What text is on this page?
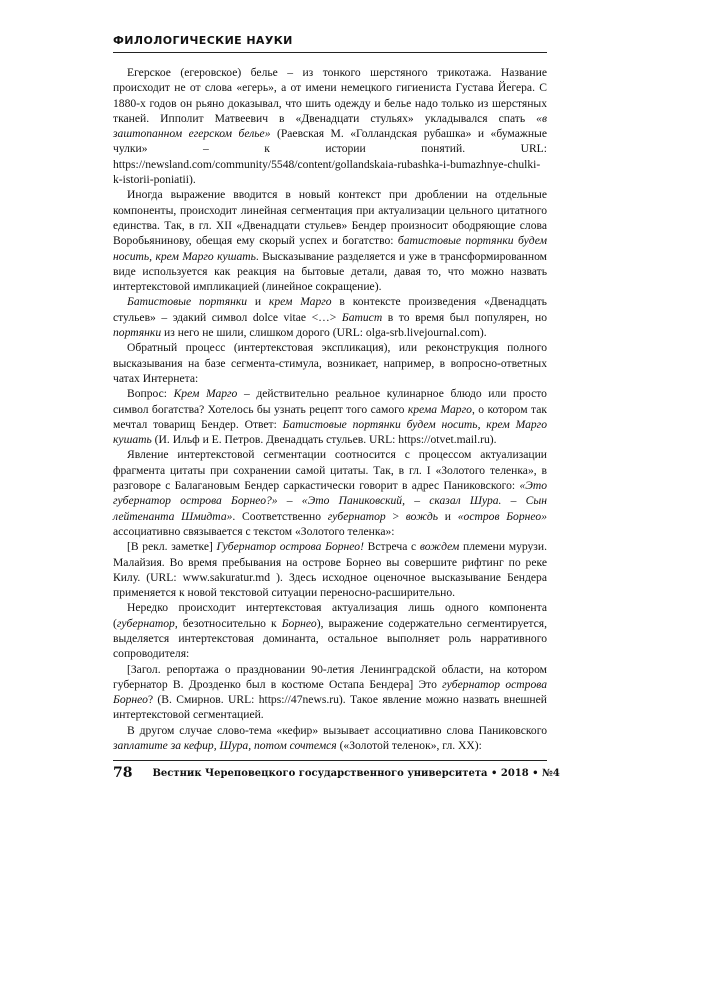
ФИЛОЛОГИЧЕСКИЕ НАУКИ

Егерское (егеровское) белье – из тонкого шерстяного трикотажа. Название происходит не от слова «егерь», а от имени немецкого гигиениста Густава Йегера. С 1880-х годов он рьяно доказывал, что шить одежду и белье надо только из шерстяных тканей. Ипполит Матвеевич в «Двенадцати стульях» укладывался спать «в заштопанном егерском белье» (Раевская М. «Голландская рубашка» и «бумажные чулки» – к истории понятий. URL: https://newsland.com/community/5548/content/gollandskaia-rubashka-i-bumazhnye-chulki-k-istorii-poniatii).

Иногда выражение вводится в новый контекст при дроблении на отдельные компоненты, происходит линейная сегментация при актуализации цельного цитатного единства. Так, в гл. XII «Двенадцати стульев» Бендер произносит ободряющие слова Воробьянинову, обещая ему скорый успех и богатство: батистовые портянки будем носить, крем Марго кушать. Высказывание разделяется и уже в трансформированном виде используется как реакция на бытовые детали, давая то, что можно назвать интертекстовой импликацией (линейное сокращение).

Батистовые портянки и крем Марго в контексте произведения «Двенадцать стульев» – эдакий символ dolce vitae <…> Батист в то время был популярен, но портянки из него не шили, слишком дорого (URL: olga-srb.livejournal.com).

Обратный процесс (интертекстовая экспликация), или реконструкция полного высказывания на базе сегмента-стимула, возникает, например, в вопросно-ответных чатах Интернета:

Вопрос: Крем Марго – действительно реальное кулинарное блюдо или просто символ богатства? Хотелось бы узнать рецепт того самого крема Марго, о котором так мечтал товарищ Бендер. Ответ: Батистовые портянки будем носить, крем Марго кушать (И. Ильф и Е. Петров. Двенадцать стульев. URL: https://otvet.mail.ru).

Явление интертекстовой сегментации соотносится с процессом актуализации фрагмента цитаты при сохранении самой цитаты. Так, в гл. I «Золотого теленка», в разговоре с Балагановым Бендер саркастически говорит в адрес Паниковского: «Это губернатор острова Борнео?» – «Это Паниковский, – сказал Шура. – Сын лейтенанта Шмидта». Соответственно губернатор > вождь и «остров Борнео» ассоциативно связывается с текстом «Золотого теленка»:

[В рекл. заметке] Губернатор острова Борнео! Встреча с вождем племени мурузи. Малайзия. Во время пребывания на острове Борнео вы совершите рифтинг по реке Килу. (URL: www.sakuratur.md ). Здесь исходное оценочное высказывание Бендера применяется к новой текстовой ситуации переносно-расширительно.

Нередко происходит интертекстовая актуализация лишь одного компонента (губернатор, безотносительно к Борнео), выражение содержательно сегментируется, выделяется интертекстовая доминанта, остальное выполняет роль нарративного сопроводителя:

[Загол. репортажа о праздновании 90-летия Ленинградской области, на котором губернатор В. Дрозденко был в костюме Остапа Бендера] Это губернатор острова Борнео? (В. Смирнов. URL: https://47news.ru). Такое явление можно назвать внешней интертекстовой сегментацией.

В другом случае слово-тема «кефир» вызывает ассоциативно слова Паниковского заплатите за кефир, Шура, потом сочтемся («Золотой теленок», гл. XX):

78 Вестник Череповецкого государственного университета • 2018 • №4
